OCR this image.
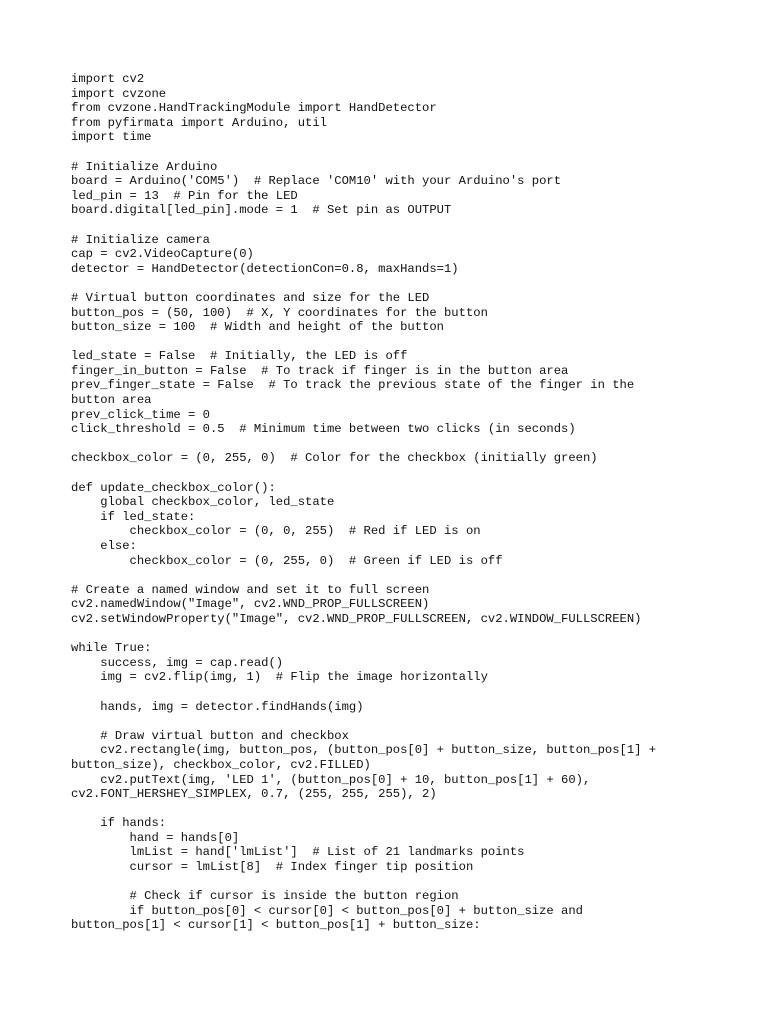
import cv2
import cvzone
from cvzone.HandTrackingModule import HandDetector
from pyfirmata import Arduino, util
import time
# Initialize Arduino
board = Arduino('COM5')  # Replace 'COM10' with your Arduino's port
led_pin = 13  # Pin for the LED
board.digital[led_pin].mode = 1  # Set pin as OUTPUT
# Initialize camera
cap = cv2.VideoCapture(0)
detector = HandDetector(detectionCon=0.8, maxHands=1)
# Virtual button coordinates and size for the LED
button_pos = (50, 100)  # X, Y coordinates for the button
button_size = 100  # Width and height of the button
led_state = False  # Initially, the LED is off
finger_in_button = False  # To track if finger is in the button area
prev_finger_state = False  # To track the previous state of the finger in the
button area
prev_click_time = 0
click_threshold = 0.5  # Minimum time between two clicks (in seconds)
checkbox_color = (0, 255, 0)  # Color for the checkbox (initially green)
def update_checkbox_color():
global checkbox_color, led_state
if led_state:
checkbox_color = (0, 0, 255)  # Red if LED is on
else:
checkbox_color = (0, 255, 0)  # Green if LED is off
# Create a named window and set it to full screen
cv2.namedWindow("Image", cv2.WND_PROP_FULLSCREEN)
cv2.setWindowProperty("Image", cv2.WND_PROP_FULLSCREEN, cv2.WINDOW_FULLSCREEN)
while True:
success, img = cap.read()
img = cv2.flip(img, 1)  # Flip the image horizontally
hands, img = detector.findHands(img)
# Draw virtual button and checkbox
cv2.rectangle(img, button_pos, (button_pos[0] + button_size, button_pos[1] +
button_size), checkbox_color, cv2.FILLED)
cv2.putText(img, 'LED 1', (button_pos[0] + 10, button_pos[1] + 60),
cv2.FONT_HERSHEY_SIMPLEX, 0.7, (255, 255, 255), 2)
if hands:
hand = hands[0]
lmList = hand['lmList']  # List of 21 landmarks points
cursor = lmList[8]  # Index finger tip position
# Check if cursor is inside the button region
if button_pos[0] < cursor[0] < button_pos[0] + button_size and
button_pos[1] < cursor[1] < button_pos[1] + button_size:
